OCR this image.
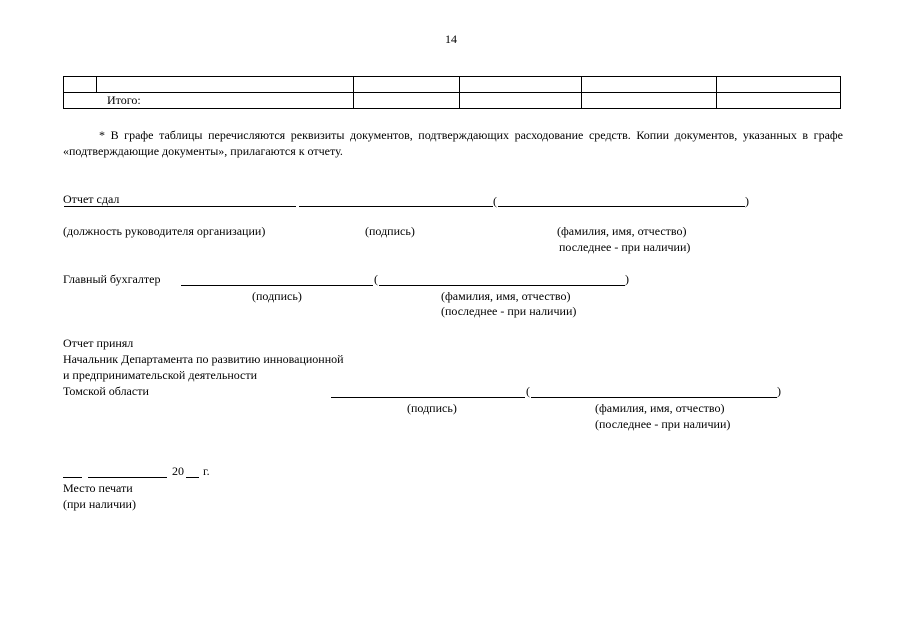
14

Итого:					
* В графе таблицы перечисляются реквизиты документов, подтверждающих расходование средств. Копии документов, указанных в графе «подтверждающие документы», прилагаются к отчету.
Отчет сдал	(	)
(должность руководителя организации)	(подпись)	(фамилия, имя, отчество)
последнее - при наличии)
Главный бухгалтер	(	)
(подпись)	(фамилия, имя, отчество)
(последнее - при наличии)
Отчет принял
Начальник Департамента по развитию инновационной
и предпринимательской деятельности
Томской области	(	)
(подпись)	(фамилия, имя, отчество)
(последнее - при наличии)
20 г.
Место печати
(при наличии)
